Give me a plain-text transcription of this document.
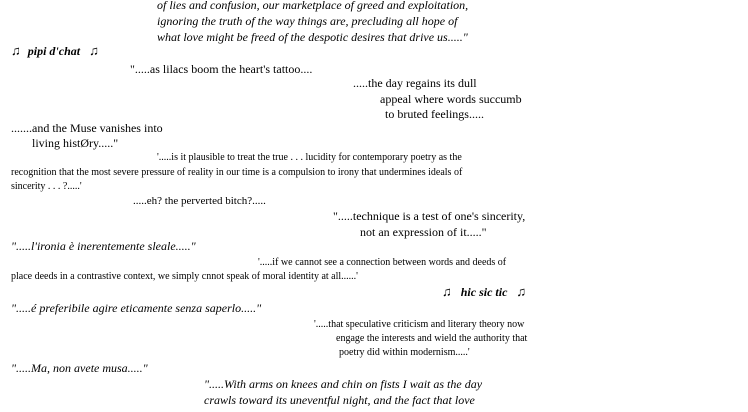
of lies and confusion, our marketplace of greed and exploitation,
ignoring the truth of the way things are, precluding all hope of
what love might be freed of the despotic desires that drive us....."
♫ pipi d'chat ♫
".....as lilacs boom the heart's tattoo....
.....the day regains its dull
appeal where words succumb
to bruted feelings.....
.......and the Muse vanishes into
living histØry....."
'.....is it plausible to treat the true . . . lucidity for contemporary poetry as the
recognition that the most severe pressure of reality in our time is a compulsion to irony that undermines ideals of
sincerity . . . ?.....'
.....eh? the perverted bitch?.....
".....technique is a test of one's sincerity,
not an expression of it....."
".....l'ironia è inerentemente sleale....."
'.....if we cannot see a connection between words and deeds of
place deeds in a contrastive context, we simply cnnot speak of moral identity at all......'
♫ hic sic tic ♫
".....é preferibile agire eticamente senza saperlo....."
'.....that speculative criticism and literary theory now
engage the interests and wield the authority that
poetry did within modernism.....'
".....Ma, non avete musa....."
".....With arms on knees and chin on fists I wait as the day
crawls toward its uneventful night, and the fact that love
